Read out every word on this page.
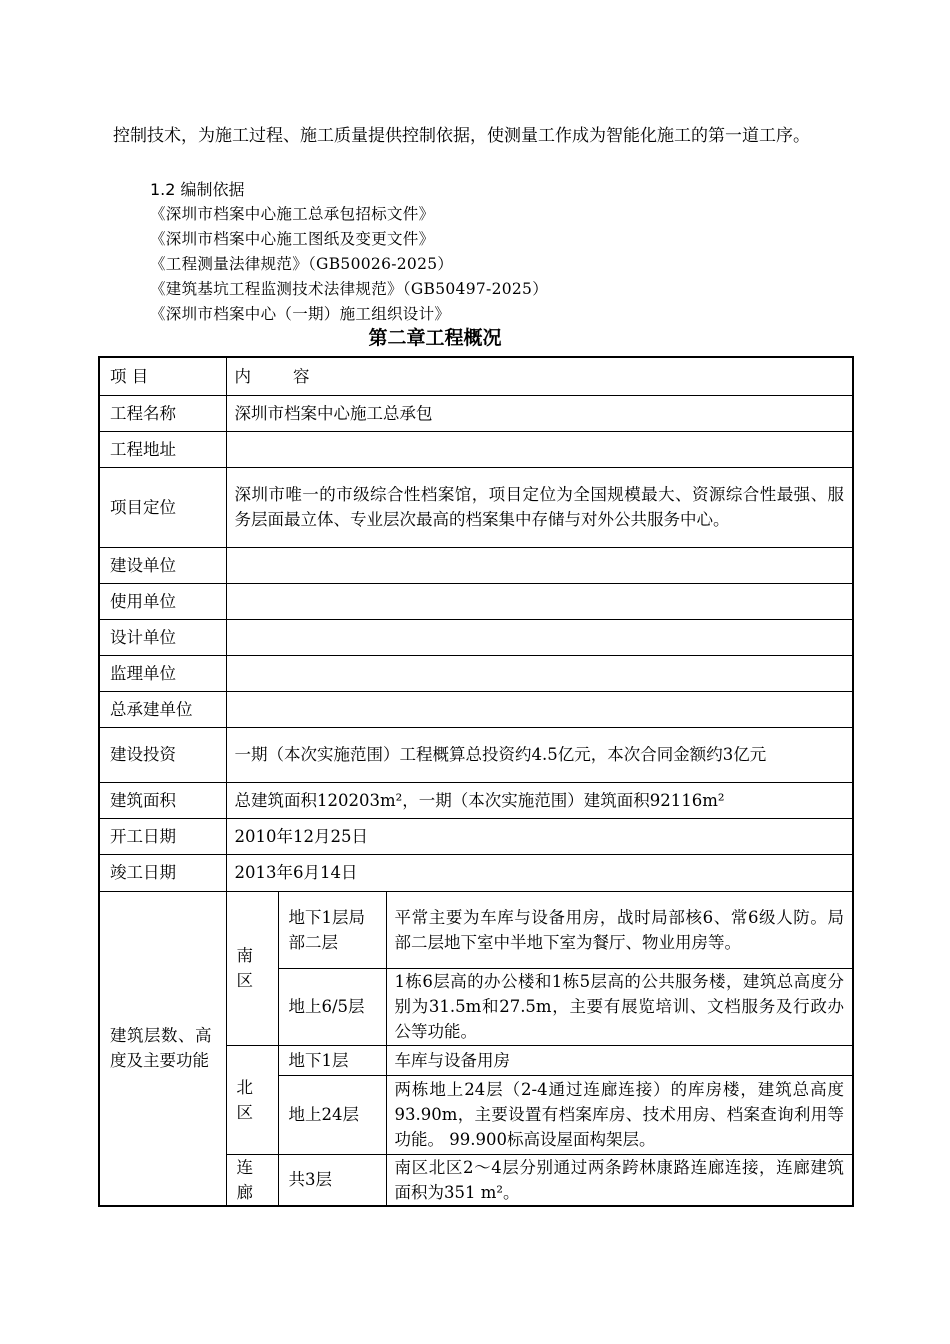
控制技术，为施工过程、施工质量提供控制依据，使测量工作成为智能化施工的第一道工序。
1.2 编制依据
《深圳市档案中心施工总承包招标文件》
《深圳市档案中心施工图纸及变更文件》
《工程测量法律规范》（GB50026-2025）
《建筑基坑工程监测技术法律规范》（GB50497-2025）
《深圳市档案中心（一期）施工组织设计》
第二章工程概况
项 目	内        容		
工程名称	深圳市档案中心施工总承包		
工程地址			
项目定位	深圳市唯一的市级综合性档案馆，项目定位为全国规模最大、资源综合性最强、服务层面最立体、专业层次最高的档案集中存储与对外公共服务中心。		
建设单位			
使用单位			
设计单位			
监理单位			
总承建单位			
建设投资	一期（本次实施范围）工程概算总投资约4.5亿元，本次合同金额约3亿元		
建筑面积	总建筑面积120203m²，一期（本次实施范围）建筑面积92116m²		
开工日期	2010年12月25日		
竣工日期	2013年6月14日		
建筑层数、高度及主要功能	南区	地下1层局部二层	平常主要为车库与设备用房，战时局部核6、常6级人防。局部二层地下室中半地下室为餐厅、物业用房等。
		地上6/5层	1栋6层高的办公楼和1栋5层高的公共服务楼，建筑总高度分别为31.5m和27.5m，主要有展览培训、文档服务及行政办公等功能。
	北区	地下1层	车库与设备用房
		地上24层	两栋地上24层（2-4通过连廊连接）的库房楼，建筑总高度93.90m，主要设置有档案库房、技术用房、档案查询利用等功能。 99.900标高设屋面构架层。
	连廊	共3层	南区北区2～4层分别通过两条跨林康路连廊连接，连廊建筑面积为351 m²。
